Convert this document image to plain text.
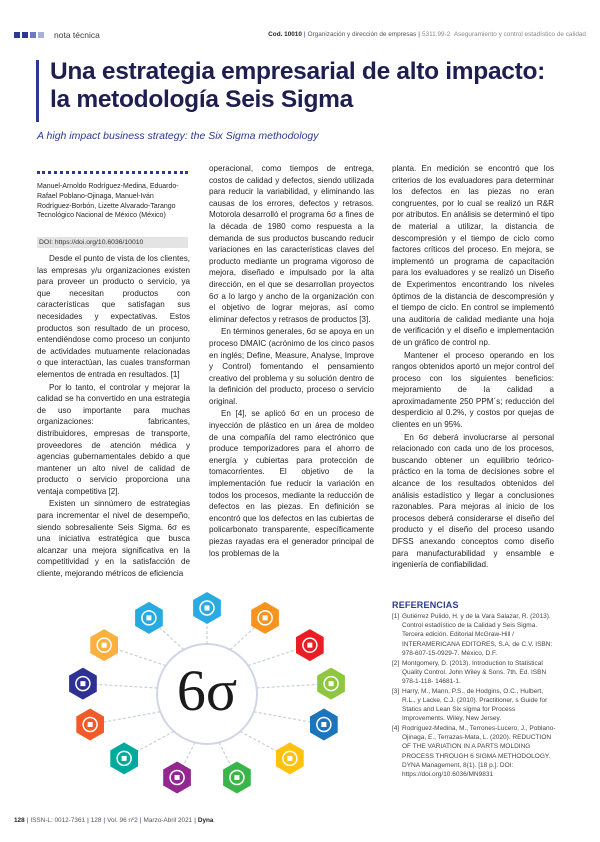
nota técnica	Cod. 10010 | Organización y dirección de empresas | 5311.99-2 Aseguramiento y control estadístico de calidad
Una estrategia empresarial de alto impacto: la metodología Seis Sigma
A high impact business strategy: the Six Sigma methodology
Manuel-Arnoldo Rodríguez-Medina, Eduardo-Rafael Poblano-Ojinaga, Manuel-Iván Rodríguez-Borbón, Lizette Alvarado-Tarango
Tecnológico Nacional de México (México)
DOI: https://doi.org/10.6036/10010

Desde el punto de vista de los clientes, las empresas y/u organizaciones existen para proveer un producto o servicio, ya que necesitan productos con características que satisfagan sus necesidades y expectativas. Estos productos son resultado de un proceso, entendiéndose como proceso un conjunto de actividades mutuamente relacionadas o que interactúan, las cuales transforman elementos de entrada en resultados. [1]

Por lo tanto, el controlar y mejorar la calidad se ha convertido en una estrategia de uso importante para muchas organizaciones: fabricantes, distribuidores, empresas de transporte, proveedores de atención médica y agencias gubernamentales debido a que mantener un alto nivel de calidad de producto o servicio proporciona una ventaja competitiva [2].

Existen un sinnúmero de estrategias para incrementar el nivel de desempeño, siendo sobresaliente Seis Sigma. 6σ es una iniciativa estratégica que busca alcanzar una mejora significativa en la competitividad y en la satisfacción de cliente, mejorando métricos de eficiencia

operacional, como tiempos de entrega, costos de calidad y defectos, siendo utilizada para reducir la variabilidad, y eliminando las causas de los errores, defectos y retrasos. Motorola desarrolló el programa 6σ a fines de la década de 1980 como respuesta a la demanda de sus productos buscando reducir variaciones en las características claves del producto mediante un programa vigoroso de mejora, diseñado e impulsado por la alta dirección, en el que se desarrollan proyectos 6σ a lo largo y ancho de la organización con el objetivo de lograr mejoras, así como eliminar defectos y retrasos de productos [3].

En términos generales, 6σ se apoya en un proceso DMAIC (acrónimo de los cinco pasos en inglés; Define, Measure, Analyse, Improve y Control) fomentando el pensamiento creativo del problema y su solución dentro de la definición del producto, proceso o servicio original.

En [4], se aplicó 6σ en un proceso de inyección de plástico en un área de moldeo de una compañía del ramo electrónico que produce temporizadores para el ahorro de energía y cubiertas para protección de tomacorrientes. El objetivo de la implementación fue reducir la variación en todos los procesos, mediante la reducción de defectos en las piezas. En definición se encontró que los defectos en las cubiertas de policarbonato transparente, específicamente piezas rayadas era el generador principal de los problemas de la

planta. En medición se encontró que los criterios de los evaluadores para determinar los defectos en las piezas no eran congruentes, por lo cual se realizó un R&R por atributos. En análisis se determinó el tipo de material a utilizar, la distancia de descompresión y el tiempo de ciclo como factores críticos del proceso. En mejora, se implementó un programa de capacitación para los evaluadores y se realizó un Diseño de Experimentos encontrando los niveles óptimos de la distancia de descompresión y el tiempo de ciclo. En control se implementó una auditoria de calidad mediante una hoja de verificación y el diseño e implementación de un gráfico de control np.

Mantener el proceso operando en los rangos obtenidos aportó un mejor control del proceso con los siguientes beneficios: mejoramiento de la calidad a aproximadamente 250 PPM´s; reducción del desperdicio al 0.2%, y costos por quejas de clientes en un 95%.

En 6σ deberá involucrarse al personal relacionado con cada uno de los procesos, buscando obtener un equilibrio teórico-práctico en la toma de decisiones sobre el alcance de los resultados obtenidos del análisis estadístico y llegar a conclusiones razonables. Para mejoras al inicio de los procesos deberá considerarse el diseño del producto y el diseño del proceso usando DFSS anexando conceptos como diseño para manufacturabilidad y ensamble e ingeniería de confiabilidad.

6σ
REFERENCIAS
[1] Gutiérrez Pulido, H. y de la Vara Salazar, R. (2013). Control estadístico de la Calidad y Seis Sigma. Tercera edición. Editorial McGraw-Hill / INTERAMERICANA EDITORES, S.A. de C.V. ISBN: 978-607-15-0929-7. México, D.F.
[2] Montgomery, D. (2013). Introduction to Statistical Quality Control. John Wiley & Sons. 7th. Ed. ISBN 978-1-118- 14681-1.
[3] Harry, M., Mann, P.S., de Hodgins, O.C., Hulbert, R.L., y Lacke, C.J. (2010). Practitioner, s Guide for Statics and Lean Six sigma for Process Improvements. Wiley, New Jersey.
[4] Rodríguez-Medina, M., Terrones-Lucero, J., Poblano-Ojinaga, E., Terrazas-Mata, L. (2020). REDUCTION OF THE VARIATION IN A PARTS MOLDING PROCESS THROUGH 6 SIGMA METHODOLOGY. DYNA Management, 8(1). [18 p.]. DOI: https://doi.org/10.6036/MN9831
128 | ISSN-L: 0012-7361 | 128 | Vol. 96 nº2 | Marzo-Abril 2021 | Dyna
